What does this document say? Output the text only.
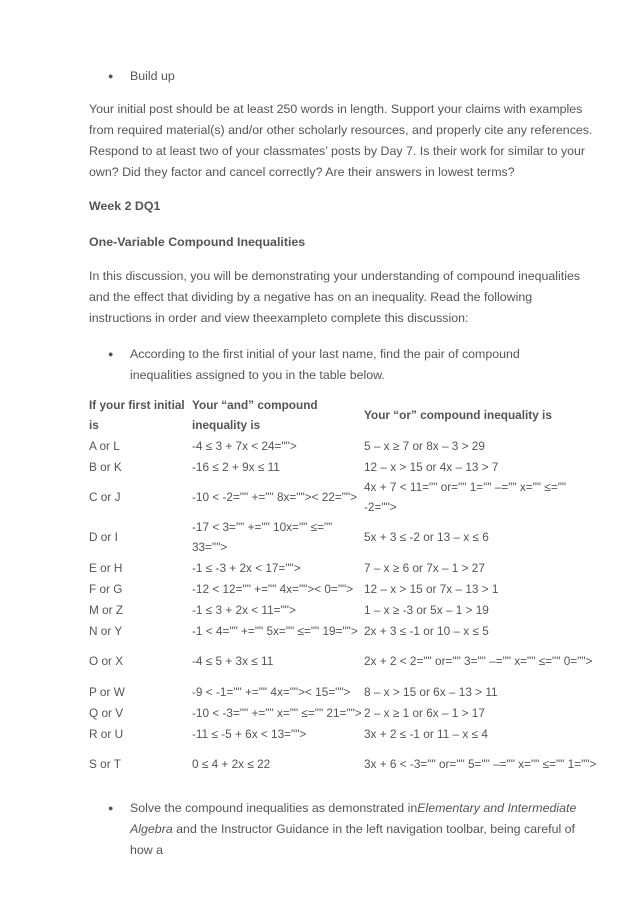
●	Build up
Your initial post should be at least 250 words in length. Support your claims with examples from required material(s) and/or other scholarly resources, and properly cite any references. Respond to at least two of your classmates’ posts by Day 7. Is their work for similar to your own? Did they factor and cancel correctly? Are their answers in lowest terms?
Week 2 DQ1
One-Variable Compound Inequalities
In this discussion, you will be demonstrating your understanding of compound inequalities and the effect that dividing by a negative has on an inequality. Read the following instructions in order and view theexampleto complete this discussion:
●	According to the first initial of your last name, find the pair of compound inequalities assigned to you in the table below.
If your first initial is	Your “and” compound inequality is	Your “or” compound inequality is
A or L	-4 ≤ 3 + 7x < 24="">	5 – x ≥ 7 or 8x – 3 > 29
B or K	-16 ≤ 2 + 9x ≤ 11	12 – x > 15 or 4x – 13 > 7
C or J	-10 < -2="" +="" 8x="">< 22="">	4x + 7 < 11="" or="" 1="" –="" x="" ≤="" -2="">
D or I	-17 < 3="" +="" 10x="" ≤="" 33="">	5x + 3 ≤ -2 or 13 – x ≤ 6
E or H	-1 ≤ -3 + 2x < 17="">	7 – x ≥ 6 or 7x – 1 > 27
F or G	-12 < 12="" +="" 4x="">< 0="">	12 – x > 15 or 7x – 13 > 1
M or Z	-1 ≤ 3 + 2x < 11="">	1 – x ≥ -3 or 5x – 1 > 19
N or Y	-1 < 4="" +="" 5x="" ≤="" 19="">	2x + 3 ≤ -1 or 10 – x ≤ 5
O or X	-4 ≤ 5 + 3x ≤ 11	2x + 2 < 2="" or="" 3="" –="" x="" ≤="" 0="">
P or W	-9 < -1="" +="" 4x="">< 15="">	8 – x > 15 or 6x – 13 > 11
Q or V	-10 < -3="" +="" x="" ≤="" 21="">	2 – x ≥ 1 or 6x – 1 > 17
R or U	-11 ≤ -5 + 6x < 13="">	3x + 2 ≤ -1 or 11 – x ≤ 4
S or T	0 ≤ 4 + 2x ≤ 22	3x + 6 < -3="" or="" 5="" –="" x="" ≤="" 1="">
●	Solve the compound inequalities as demonstrated inElementary and Intermediate Algebra and the Instructor Guidance in the left navigation toolbar, being careful of how a
